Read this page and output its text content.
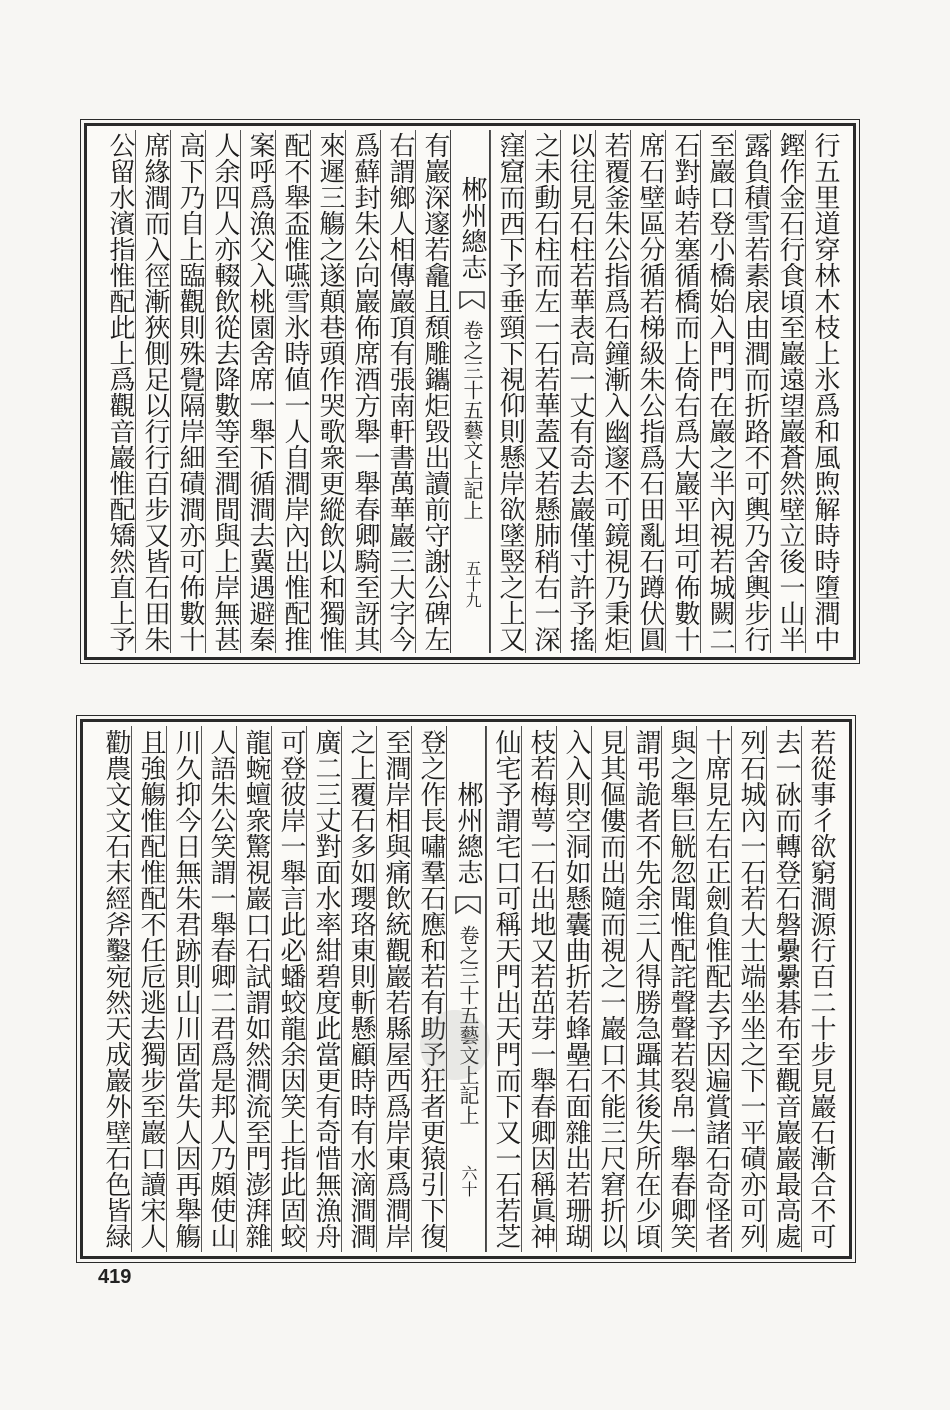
公留水濱指惟配此上爲觀音巖惟配矯然直上予 席緣澗而入徑漸狹側足以行行百步又皆石田朱 高下乃自上臨觀則殊覺隔岸細磧澗亦可佈數十 人余四人亦輟飲從去降數等至澗間與上岸無甚 案呼爲漁父入桃園舍席一舉下循澗去冀遇避秦 配不舉盃惟嚥雪氷時値一人自澗岸內出惟配推 來遲三觴之遂顛巷頭作哭歌衆更縱飲以和獨惟 爲蘚封朱公向巖佈席酒方舉一舉春卿騎至訝其 右謂鄉人相傳巖頂有張南軒書萬華巖三大字今 有巖深邃若龕且頹雕鑴炬毀出讀前守謝公碑左 郴州總志卷之三十五藝文上記上五十九 窪窟而西下予垂頸下視仰則懸岸欲墜竪之上又 之未動石柱而左一石若華蓋又若懸肺稍右一深 以往見石柱若華表高一丈有奇去巖僅寸許予搖 若覆釜朱公指爲石鐘漸入幽邃不可鏡視乃秉炬 席石壁區分循若梯級朱公指爲石田亂石蹲伏圓 石對峙若塞循橋而上倚右爲大巖平坦可佈數十 至巖口登小橋始入門門在巖之半內視若城闕二 露負積雪若素扆由澗而折路不可輿乃舍輿步行 鏗作金石行食頃至巖遠望巖蒼然壁立後一山半 行五里道穿林木枝上氷爲和風煦解時時墮澗中
勸農文文石末經斧鑿宛然天成巖外壁石色皆緑 且強觴惟配惟配不任卮逃去獨步至巖口讀宋人 川久抑今日無朱君跡則山川固當失人因再舉觴 人語朱公笑謂一舉春卿二君爲是邦人乃頗使山 龍蜿蟺衆驚視巖口石試謂如然澗流至門澎湃雜 可登彼岸一舉言此必蟠蛟龍余因笑上指此固蛟 廣二三丈對面水率紺碧度此當更有奇惜無漁舟 之上覆石多如瓔珞東則斬懸顧時時有水滴澗澗 至澗岸相與痛飲統觀巖若縣屋西爲岸東爲澗岸 登之作長嘯羣石應和若有助予狂者更猿引下復 郴州總志卷之三十五藝文上記上六十 仙宅予謂宅口可稱天門出天門而下又一石若芝 枝若梅萼一石出地又若茁芽一舉春卿因稱眞神 入入則空洞如懸囊曲折若蜂壘石面雜出若珊瑚 見其傴僂而出隨而視之一巖口不能三尺窘折以 謂弔詭者不先余三人得勝急躡其後失所在少頃 與之舉巨觥忽聞惟配詫聲聲若裂帛一舉春卿笑 十席見左右正劍負惟配去予因遍賞諸石奇怪者 列石城內一石若大士端坐坐之下一平磧亦可列 去一砅而轉登石磐纍纍碁布至觀音巖巖最高處 若從事彳欲窮澗源行百二十步見巖石漸合不可
419
